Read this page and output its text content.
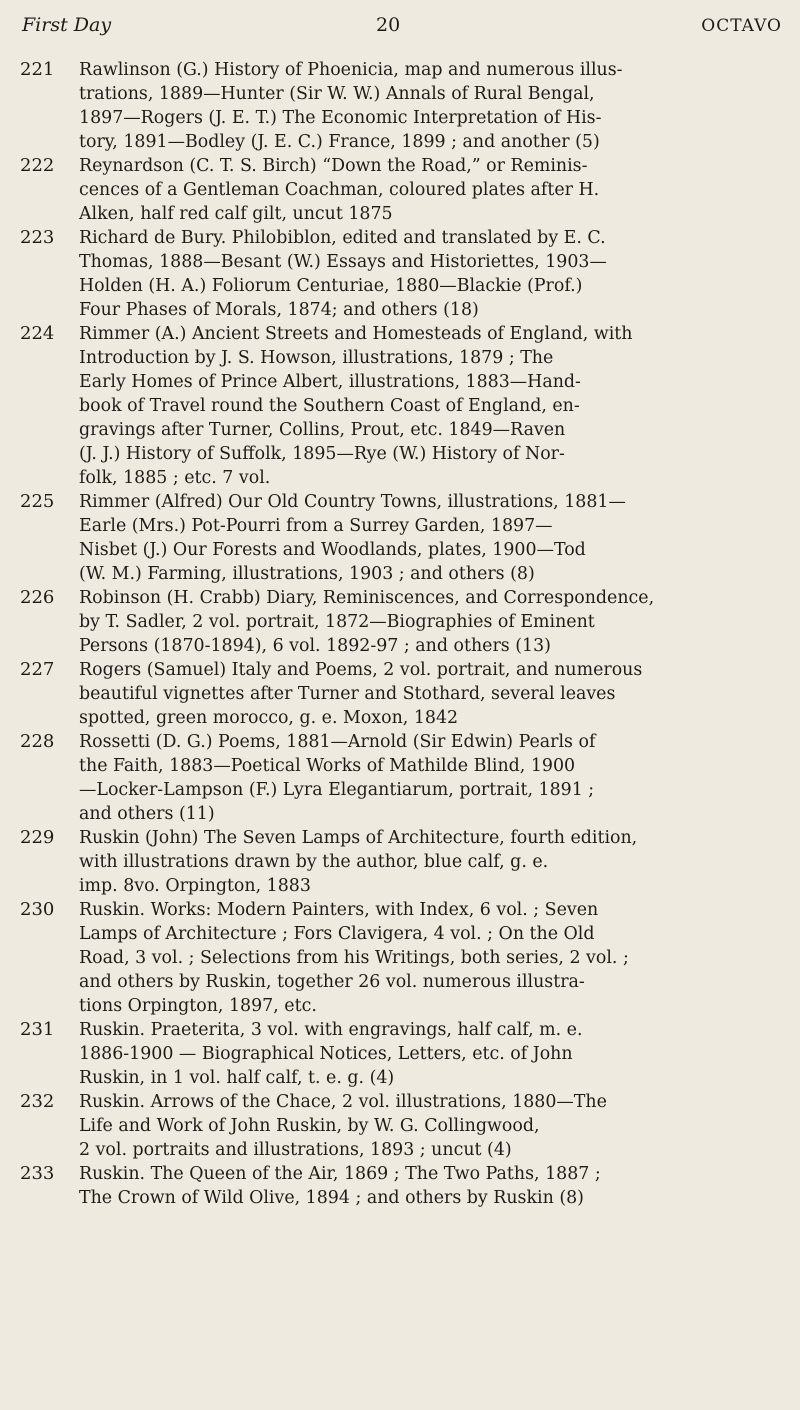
First Day	20	OCTAVO
221	Rawlinson (G.) History of Phoenicia, map and numerous illus-
trations, 1889—Hunter (Sir W. W.) Annals of Rural Bengal,
1897—Rogers (J. E. T.) The Economic Interpretation of His-
tory, 1891—Bodley (J. E. C.) France, 1899 ; and another (5)
222	Reynardson (C. T. S. Birch) “Down the Road,” or Reminis-
cences of a Gentleman Coachman, coloured plates after H.
Alken, half red calf gilt, uncut 1875
223	Richard de Bury. Philobiblon, edited and translated by E. C.
Thomas, 1888—Besant (W.) Essays and Historiettes, 1903—
Holden (H. A.) Foliorum Centuriae, 1880—Blackie (Prof.)
Four Phases of Morals, 1874; and others (18)
224	Rimmer (A.) Ancient Streets and Homesteads of England, with
Introduction by J. S. Howson, illustrations, 1879 ; The
Early Homes of Prince Albert, illustrations, 1883—Hand-
book of Travel round the Southern Coast of England, en-
gravings after Turner, Collins, Prout, etc. 1849—Raven
(J. J.) History of Suffolk, 1895—Rye (W.) History of Nor-
folk, 1885 ; etc. 7 vol.
225	Rimmer (Alfred) Our Old Country Towns, illustrations, 1881—
Earle (Mrs.) Pot-Pourri from a Surrey Garden, 1897—
Nisbet (J.) Our Forests and Woodlands, plates, 1900—Tod
(W. M.) Farming, illustrations, 1903 ; and others (8)
226	Robinson (H. Crabb) Diary, Reminiscences, and Correspondence,
by T. Sadler, 2 vol. portrait, 1872—Biographies of Eminent
Persons (1870-1894), 6 vol. 1892-97 ; and others (13)
227	Rogers (Samuel) Italy and Poems, 2 vol. portrait, and numerous
beautiful vignettes after Turner and Stothard, several leaves
spotted, green morocco, g. e. Moxon, 1842
228	Rossetti (D. G.) Poems, 1881—Arnold (Sir Edwin) Pearls of
the Faith, 1883—Poetical Works of Mathilde Blind, 1900
—Locker-Lampson (F.) Lyra Elegantiarum, portrait, 1891 ;
and others (11)
229	Ruskin (John) The Seven Lamps of Architecture, fourth edition,
with illustrations drawn by the author, blue calf, g. e.
imp. 8vo. Orpington, 1883
230	Ruskin. Works: Modern Painters, with Index, 6 vol. ; Seven
Lamps of Architecture ; Fors Clavigera, 4 vol. ; On the Old
Road, 3 vol. ; Selections from his Writings, both series, 2 vol. ;
and others by Ruskin, together 26 vol. numerous illustra-
tions Orpington, 1897, etc.
231	Ruskin. Praeterita, 3 vol. with engravings, half calf, m. e.
1886-1900 — Biographical Notices, Letters, etc. of John
Ruskin, in 1 vol. half calf, t. e. g. (4)
232	Ruskin. Arrows of the Chace, 2 vol. illustrations, 1880—The
Life and Work of John Ruskin, by W. G. Collingwood,
2 vol. portraits and illustrations, 1893 ; uncut (4)
233	Ruskin. The Queen of the Air, 1869 ; The Two Paths, 1887 ;
The Crown of Wild Olive, 1894 ; and others by Ruskin (8)
